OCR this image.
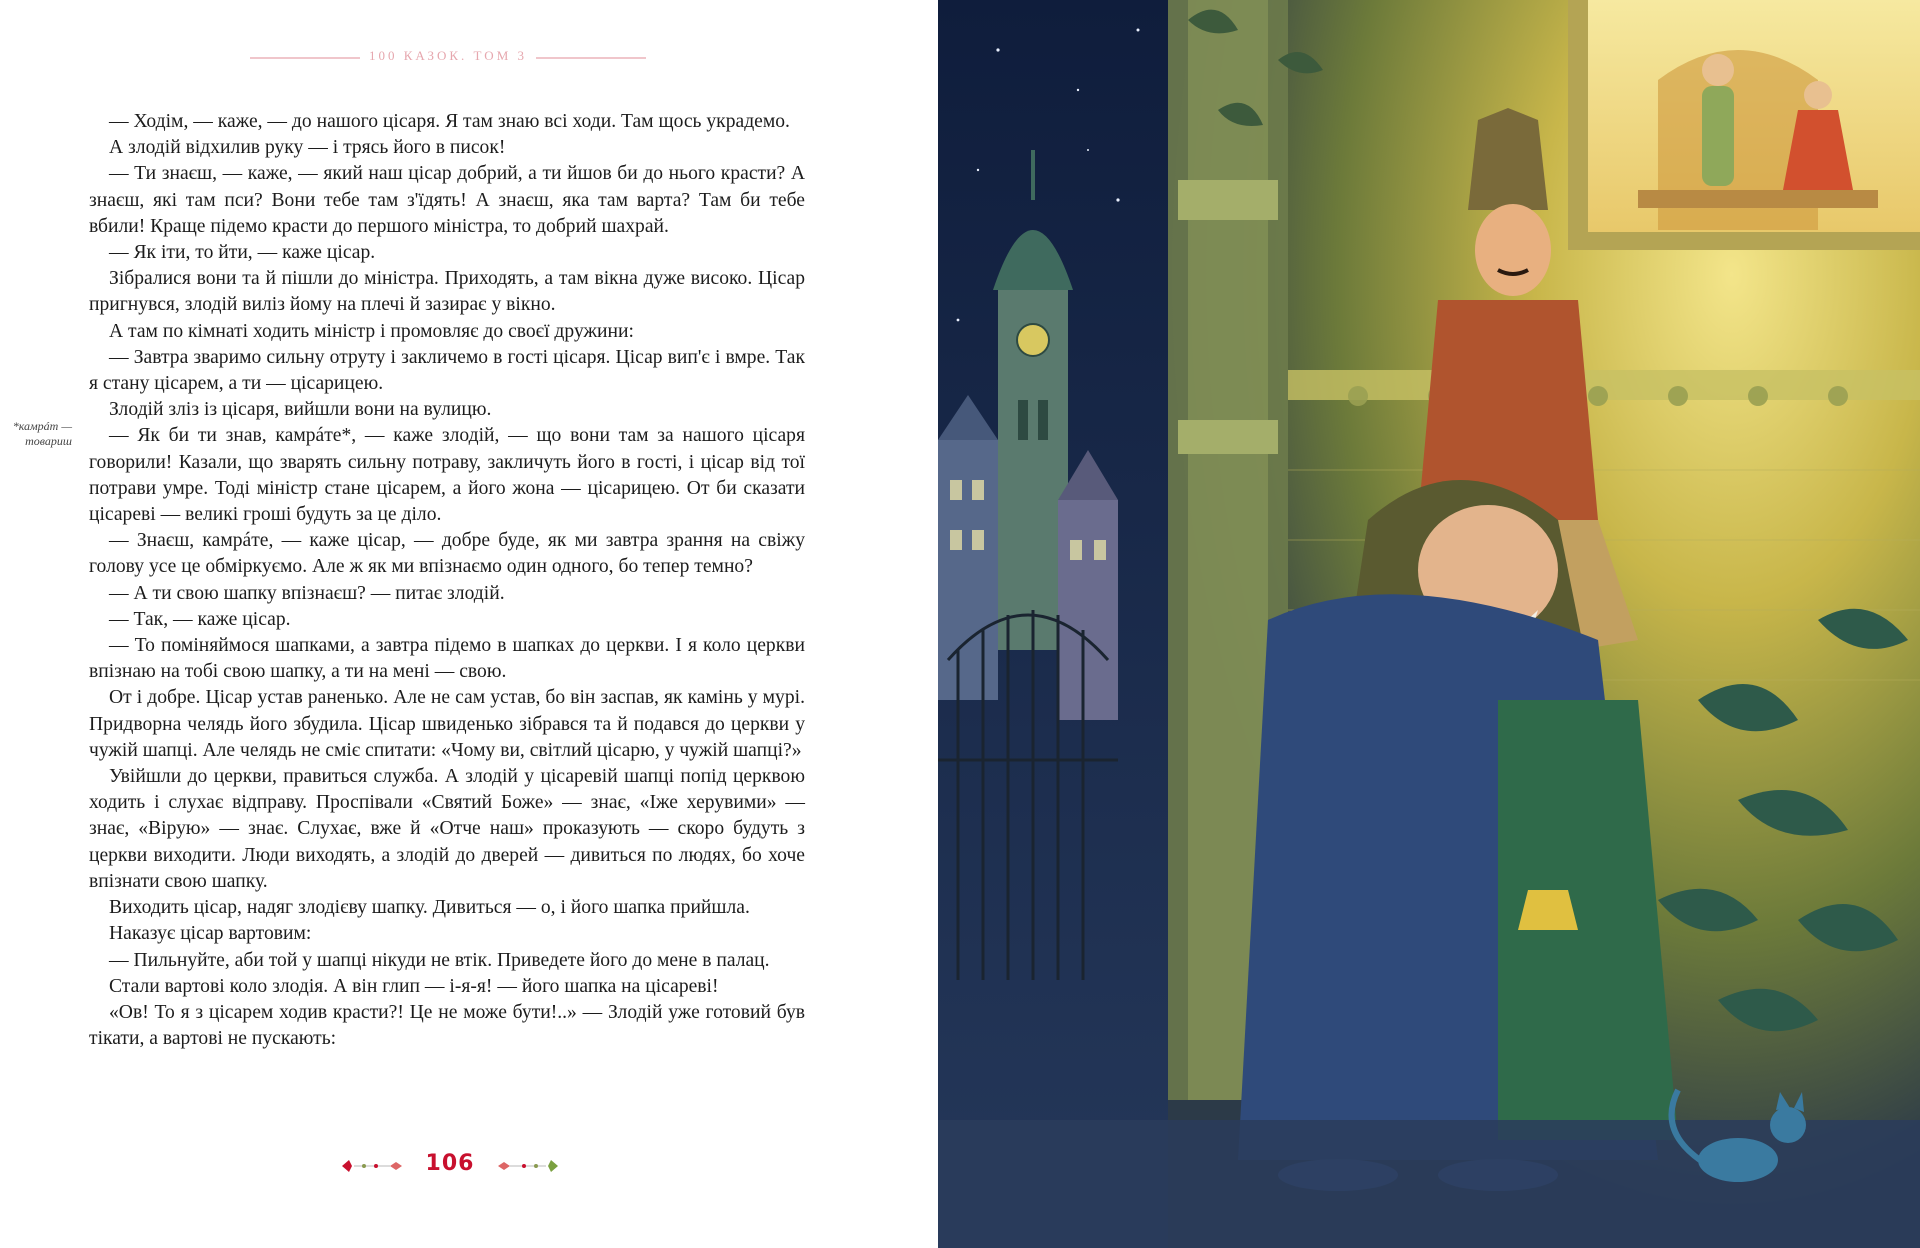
100 КАЗОК. ТОМ 3
*камрáт — товариш

— Ходім, — каже, — до нашого цісаря. Я там знаю всі ходи. Там щось украдемо.

А злодій відхилив руку — і трясь його в писок!

— Ти знаєш, — каже, — який наш цісар добрий, а ти йшов би до нього красти? А знаєш, які там пси? Вони тебе там з'їдять! А знаєш, яка там варта? Там би тебе вбили! Краще підемо красти до першого міністра, то добрий шахрай.

— Як іти, то йти, — каже цісар.

Зібралися вони та й пішли до міністра. Приходять, а там вікна дуже високо. Цісар пригнувся, злодій виліз йому на плечі й зазирає у вікно.

А там по кімнаті ходить міністр і промовляє до своєї дружини:

— Завтра зваримо сильну отруту і закличемо в гості цісаря. Цісар вип'є і вмре. Так я стану цісарем, а ти — цісарицею.

Злодій зліз із цісаря, вийшли вони на вулицю.

— Як би ти знав, камрáте*, — каже злодій, — що вони там за нашого цісаря говорили! Казали, що зварять сильну потраву, закличуть його в гості, і цісар від тої потрави умре. Тоді міністр стане цісарем, а його жона — цісарицею. От би сказати цісареві — великі гроші будуть за це діло.

— Знаєш, камрáте, — каже цісар, — добре буде, як ми завтра зрання на свіжу голову усе це обміркуємо. Але ж як ми впізнаємо один одного, бо тепер темно?

— А ти свою шапку впізнаєш? — питає злодій.

— Так, — каже цісар.

— То поміняймося шапками, а завтра підемо в шапках до церкви. І я коло церкви впізнаю на тобі свою шапку, а ти на мені — свою.

От і добре. Цісар устав раненько. Але не сам устав, бо він заспав, як камінь у мурі. Придворна челядь його збудила. Цісар швиденько зібрався та й подався до церкви у чужій шапці. Але челядь не сміє спитати: «Чому ви, світлий цісарю, у чужій шапці?»

Увійшли до церкви, правиться служба. А злодій у цісаревій шапці попід церквою ходить і слухає відправу. Проспівали «Святий Боже» — знає, «Іже херувими» — знає, «Вірую» — знає. Слухає, вже й «Отче наш» проказують — скоро будуть з церкви виходити. Люди виходять, а злодій до дверей — дивиться по людях, бо хоче впізнати свою шапку.

Виходить цісар, надяг злодієву шапку. Дивиться — о, і його шапка прийшла.

Наказує цісар вартовим:

— Пильнуйте, аби той у шапці нікуди не втік. Приведете його до мене в палац.

Стали вартові коло злодія. А він глип — і-я-я! — його шапка на цісареві!

«Ов! То я з цісарем ходив красти?! Це не може бути!..» — Злодій уже готовий був тікати, а вартові не пускають:

106
